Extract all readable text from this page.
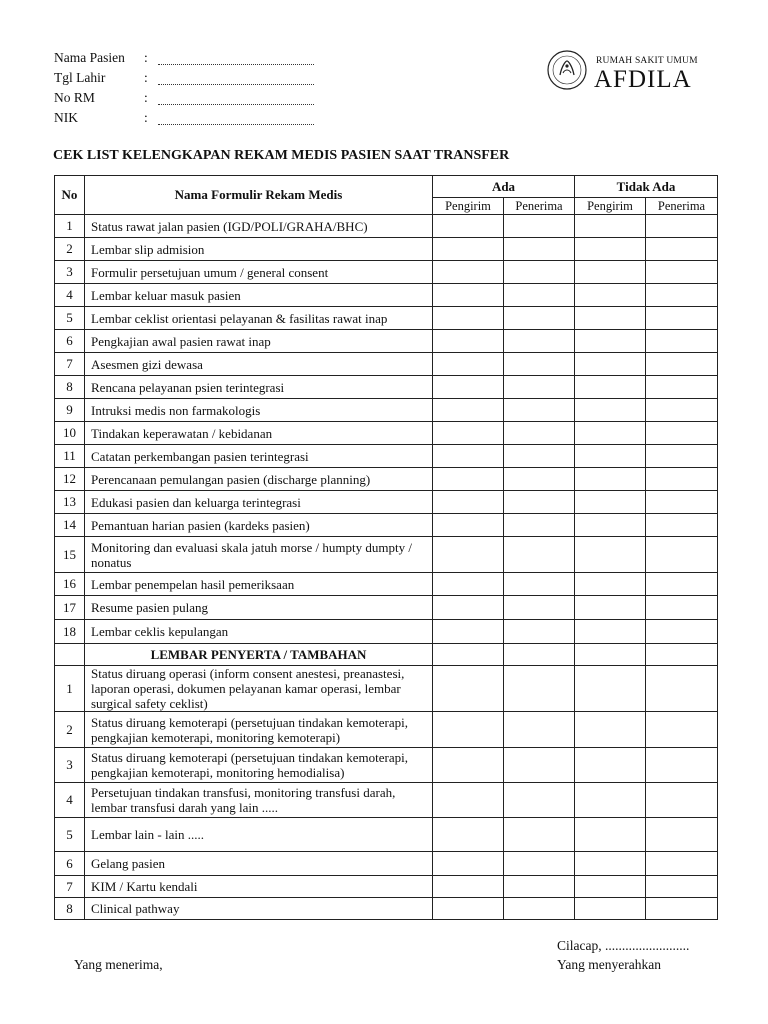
Nama Pasien	:
Tgl Lahir	:
No RM	:
NIK	:
RUMAH SAKIT UMUM
AFDILA
CEK LIST KELENGKAPAN REKAM MEDIS PASIEN SAAT TRANSFER
No	Nama Formulir Rekam Medis	Ada		Tidak Ada	
		Pengirim	Penerima	Pengirim	Penerima
1	Status rawat jalan pasien (IGD/POLI/GRAHA/BHC)				
2	Lembar slip admision				
3	Formulir persetujuan umum / general consent				
4	Lembar keluar masuk pasien				
5	Lembar ceklist orientasi pelayanan & fasilitas rawat inap				
6	Pengkajian awal pasien rawat inap				
7	Asesmen gizi dewasa				
8	Rencana pelayanan psien terintegrasi				
9	Intruksi medis non farmakologis				
10	Tindakan keperawatan / kebidanan				
11	Catatan perkembangan pasien terintegrasi				
12	Perencanaan pemulangan pasien (discharge planning)				
13	Edukasi pasien dan keluarga terintegrasi				
14	Pemantuan harian pasien (kardeks pasien)				
15	Monitoring dan evaluasi skala jatuh morse / humpty dumpty / nonatus				
16	Lembar penempelan hasil pemeriksaan				
17	Resume pasien pulang				
18	Lembar ceklis kepulangan				
	LEMBAR PENYERTA / TAMBAHAN				
1	Status diruang operasi (inform consent anestesi, preanastesi, laporan operasi, dokumen pelayanan kamar operasi, lembar surgical safety ceklist)				
2	Status diruang kemoterapi (persetujuan tindakan kemoterapi, pengkajian kemoterapi, monitoring kemoterapi)				
3	Status diruang kemoterapi (persetujuan tindakan kemoterapi, pengkajian kemoterapi, monitoring hemodialisa)				
4	Persetujuan tindakan transfusi, monitoring transfusi darah, lembar transfusi darah yang lain .....				
5	Lembar lain - lain .....				
6	Gelang pasien				
7	KIM / Kartu kendali				
8	Clinical pathway				
Cilacap, .........................
Yang menerima,	Yang menyerahkan
